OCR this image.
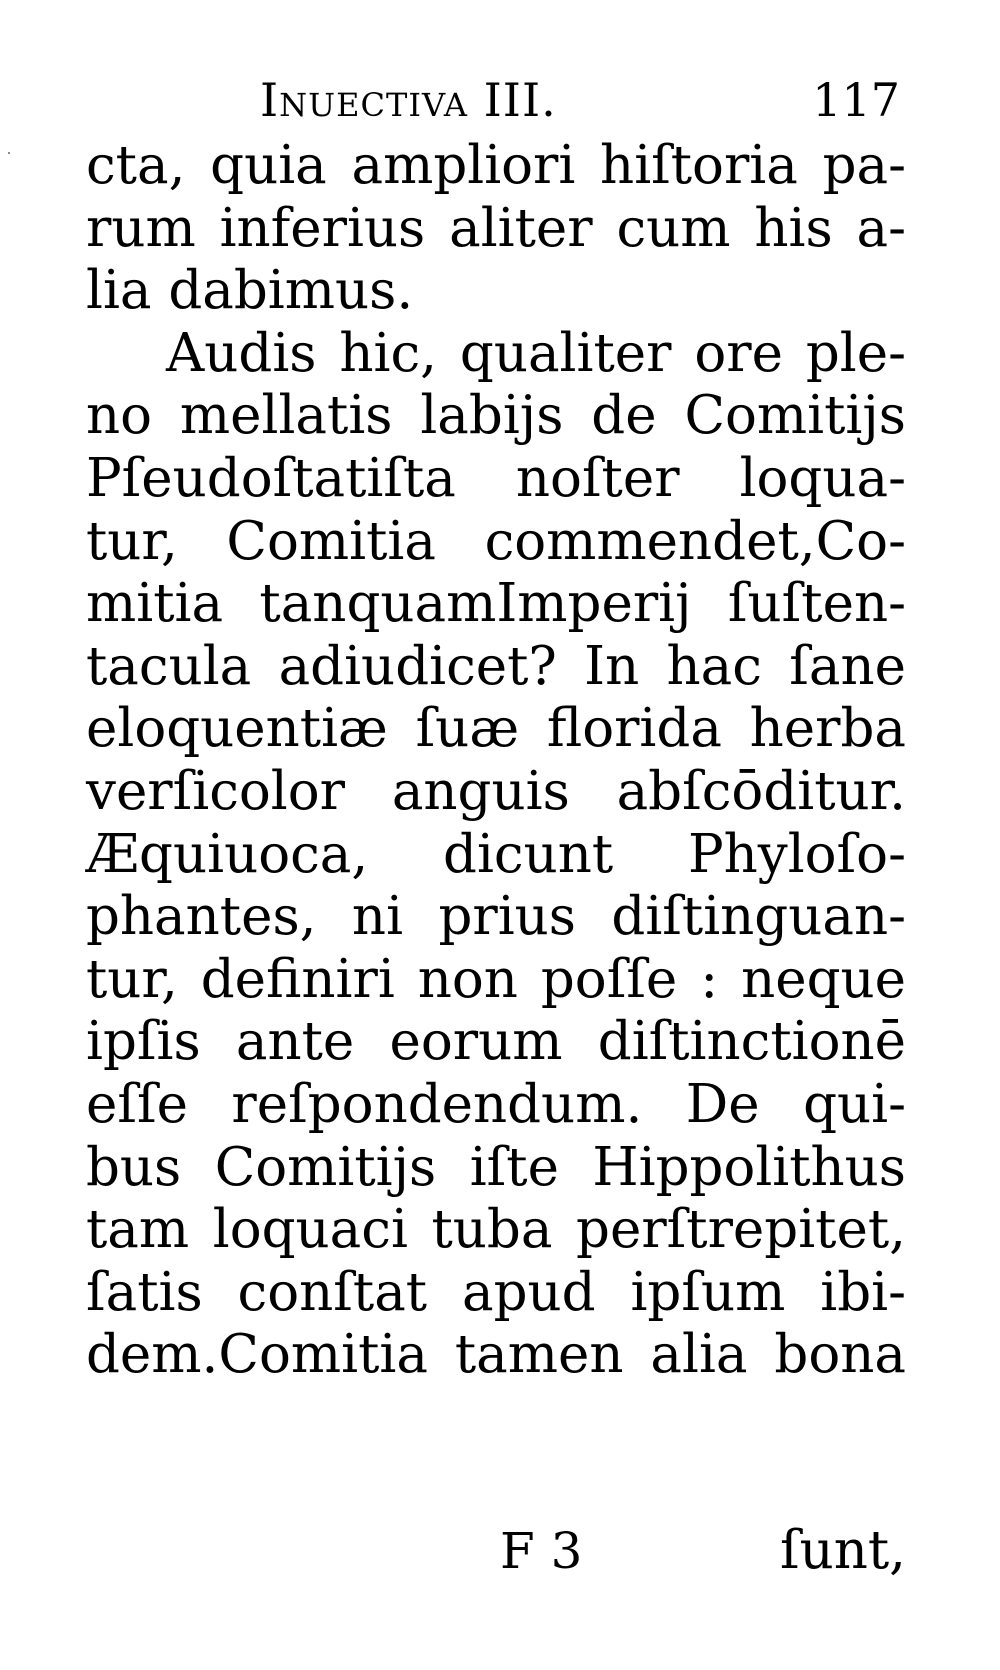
Inuectiva III.	117
cta, quia ampliori hiſtoria pa-
rum inferius aliter cum his a-
lia dabimus.
Audis hic, qualiter ore ple-
no mellatis labijs de Comitijs
Pſeudoſtatiſta noſter loqua-
tur, Comitia commendet,Co-
mitia tanquamImperij ſuſten-
tacula adiudicet? In hac ſane
eloquentiæ ſuæ florida herba
verſicolor anguis abſcōditur.
Æquiuoca, dicunt Phyloſo-
phantes, ni prius diſtinguan-
tur, definiri non poſſe : neque
ipſis ante eorum diſtinctionē
eſſe reſpondendum. De qui-
bus Comitijs iſte Hippolithus
tam loquaci tuba perſtrepitet,
ſatis conſtat apud ipſum ibi-
dem.Comitia tamen alia bona
F 3	ſunt,
